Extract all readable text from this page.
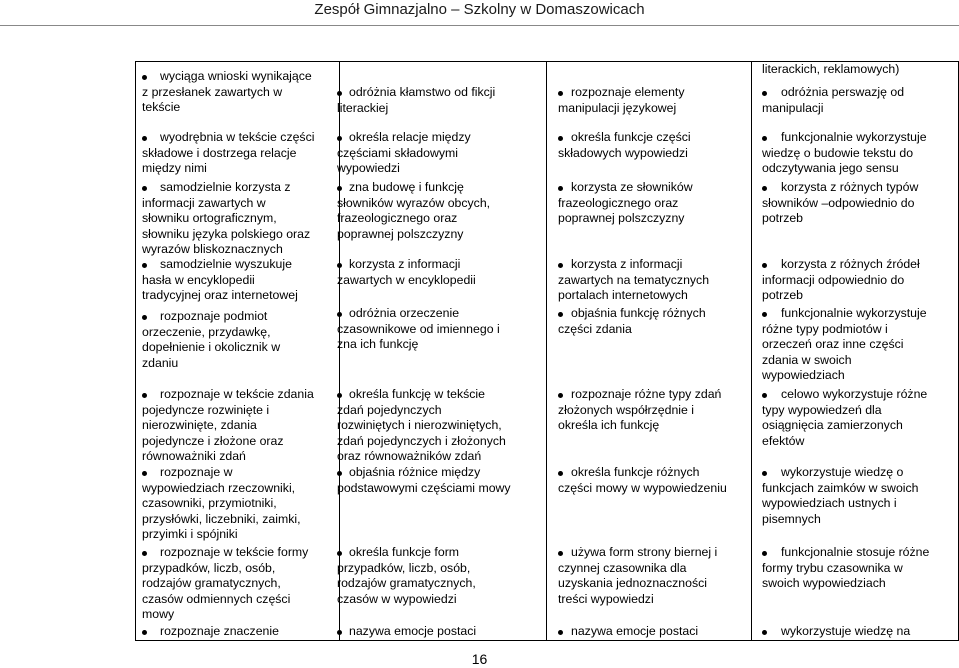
Zespół Gimnazjalno – Szkolny w Domaszowicach
wyciąga wnioski wynikające
z przesłanek zawartych w
tekście
wyodrębnia w tekście części
składowe i dostrzega relacje
między nimi
samodzielnie korzysta z
informacji zawartych w
słowniku ortograficznym,
słowniku języka polskiego oraz
wyrazów bliskoznacznych
samodzielnie wyszukuje
hasła w encyklopedii
tradycyjnej oraz internetowej
rozpoznaje podmiot
orzeczenie, przydawkę,
dopełnienie i okolicznik w
zdaniu
rozpoznaje w tekście zdania
pojedyncze rozwinięte i
nierozwinięte, zdania
pojedyncze i złożone oraz
równoważniki zdań
rozpoznaje w
wypowiedziach rzeczowniki,
czasowniki, przymiotniki,
przysłówki, liczebniki, zaimki,
przyimki i spójniki
rozpoznaje w tekście formy
przypadków, liczb, osób,
rodzajów gramatycznych,
czasów odmiennych części
mowy
rozpoznaje znaczenie
odróżnia kłamstwo od fikcji
literackiej
określa relacje między
częściami składowymi
wypowiedzi
zna budowę i funkcję
słowników wyrazów obcych,
frazeologicznego oraz
poprawnej polszczyzny
korzysta z informacji
zawartych w encyklopedii
odróżnia orzeczenie
czasownikowe od imiennego i
zna ich funkcję
określa funkcję w tekście
zdań pojedynczych
rozwiniętych i nierozwiniętych,
zdań pojedynczych i złożonych
oraz równoważników zdań
objaśnia różnice między
podstawowymi częściami mowy
określa funkcje form
przypadków, liczb, osób,
rodzajów gramatycznych,
czasów w wypowiedzi
nazywa emocje postaci
rozpoznaje elementy
manipulacji językowej
określa funkcje części
składowych wypowiedzi
korzysta ze słowników
frazeologicznego oraz
poprawnej polszczyzny
korzysta z informacji
zawartych na tematycznych
portalach internetowych
objaśnia funkcję różnych
części zdania
rozpoznaje różne typy zdań
złożonych współrzędnie i
określa ich funkcję
określa funkcje różnych
części mowy w wypowiedzeniu
używa form strony biernej i
czynnej czasownika dla
uzyskania jednoznaczności
treści wypowiedzi
nazywa emocje postaci
literackich, reklamowych)
odróżnia perswazję od
manipulacji
funkcjonalnie wykorzystuje
wiedzę o budowie tekstu do
odczytywania jego sensu
korzysta z różnych typów
słowników –odpowiednio do
potrzeb
korzysta z różnych źródeł
informacji odpowiednio do
potrzeb
funkcjonalnie wykorzystuje
różne typy podmiotów i
orzeczeń oraz inne części
zdania w swoich
wypowiedziach
celowo wykorzystuje różne
typy wypowiedzeń dla
osiągnięcia zamierzonych
efektów
wykorzystuje wiedzę o
funkcjach zaimków w swoich
wypowiedziach ustnych i
pisemnych
funkcjonalnie stosuje różne
formy trybu czasownika w
swoich wypowiedziach
wykorzystuje wiedzę na
16
